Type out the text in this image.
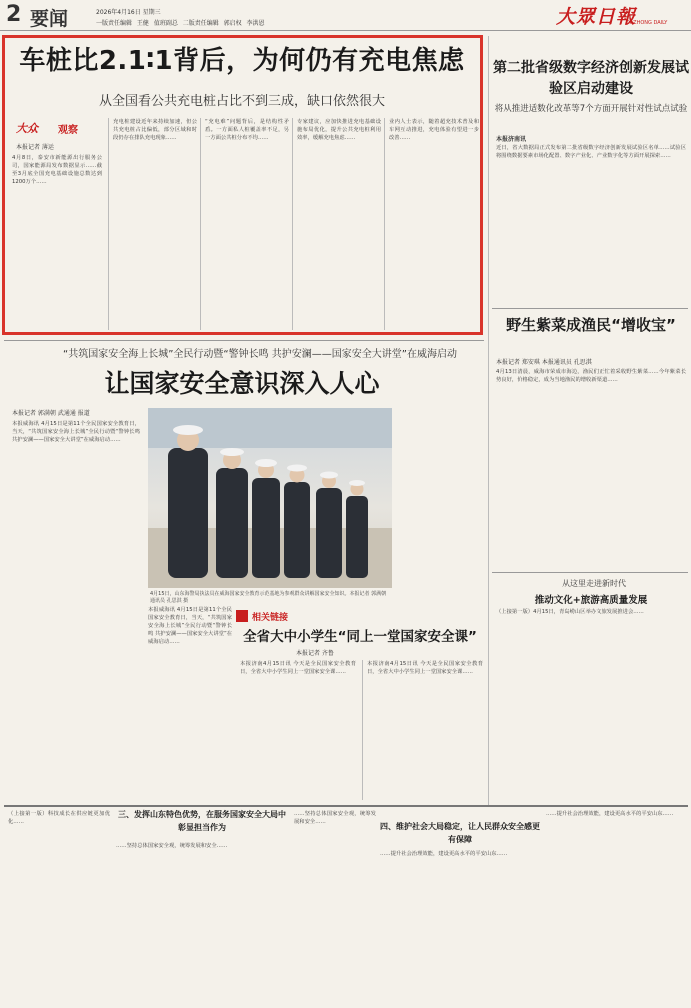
2 要闻	2026年4月16日 星期三
一版责任编辑 王健 值班副总 二版责任编辑 郭启权 李洪恩	大眾日報
DAZHONG DAILY
车桩比2.1∶1背后，为何仍有充电焦虑
从全国看公共充电桩占比不到三成，缺口依然很大
大众 观察
本报记者 薄运
4月8日，泰安市新能源出行服务公司，国家能源局发布数据显示……截至3月底全国充电基础设施总数达到1200万个……
充电桩建设近年来持续加速，但公共充电桩占比偏低，部分区域和时段仍存在排队充电现象……
“充电难”问题背后，是结构性矛盾。一方面私人桩覆盖率不足，另一方面公共桩分布不均……
专家建议，应加快推进充电基础设施布局优化，提升公共充电桩利用效率，缓解充电焦虑……
业内人士表示，随着超充技术普及和车网互动推进，充电体验有望进一步改善……
第二批省级数字经济创新发展试验区启动建设
将从推进适数化改革等7个方面开展针对性试点试验
本报济南讯
近日，省大数据局正式发布第二批省级数字经济创新发展试验区名单……试验区将围绕数据要素市场化配置、数字产业化、产业数字化等方面开展探索……
野生紫菜成渔民“增收宝”
本报记者 郑安琪 本报通讯员 孔思淇
4月13日清晨，威海市荣成市海边，渔民们正忙着采收野生紫菜……今年紫菜长势良好，价格稳定，成为当地渔民的增收新渠道……
“共筑国家安全海上长城”全民行动暨“警钟长鸣 共护安澜——国家安全大讲堂”在威海启动
让国家安全意识深入人心
本报记者 郭满朝 武通通 报道
本报威海讯 4月15日是第11个全民国家安全教育日，当天，“共筑国家安全海上长城”全民行动暨“警钟长鸣 共护安澜——国家安全大讲堂”在威海启动……
4月15日，山东海警局执法员在威海国家安全教育示范基地为参观群众讲解国家安全知识。本报记者 郭满朝 通讯员 孔思淇 摄
本报威海讯 4月15日是第11个全民国家安全教育日，当天，“共筑国家安全海上长城”全民行动暨“警钟长鸣 共护安澜——国家安全大讲堂”在威海启动……
相关链接
全省大中小学生“同上一堂国家安全课”
本报记者 齐鲁
本报济南4月15日讯 今天是全民国家安全教育日，全省大中小学生同上一堂国家安全课……
本报济南4月15日讯 今天是全民国家安全教育日，全省大中小学生同上一堂国家安全课……
从这里走进新时代
推动文化+旅游高质量发展
（上接第一版）4月15日，青岛崂山区举办文旅发展推进会……
（上接第一版）科技成长在供应链更加优化……
三、发挥山东特色优势，在服务国家安全大局中彰显担当作为
……坚持总体国家安全观，统筹发展和安全……
……坚持总体国家安全观，统筹发展和安全……	四、维护社会大局稳定，让人民群众安全感更有保障
……提升社会治理效能，建设更高水平的平安山东……
……提升社会治理效能，建设更高水平的平安山东……
